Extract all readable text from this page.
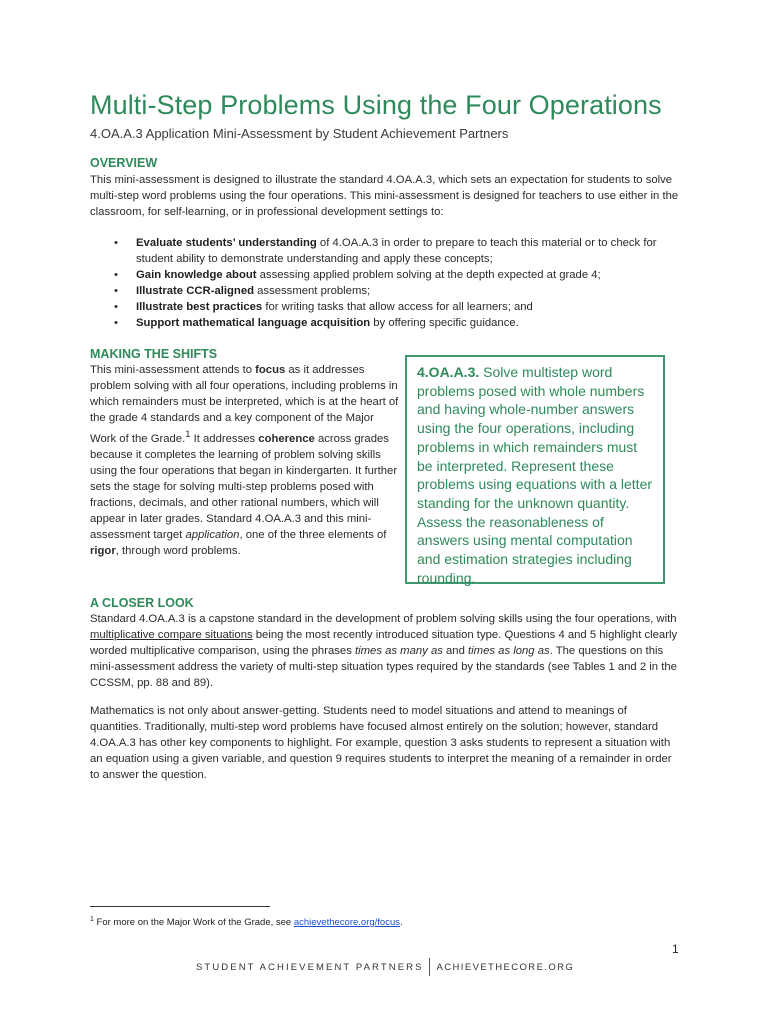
Multi-Step Problems Using the Four Operations

4.OA.A.3 Application Mini-Assessment by Student Achievement Partners

OVERVIEW

This mini-assessment is designed to illustrate the standard 4.OA.A.3, which sets an expectation for students to solve multi-step word problems using the four operations. This mini-assessment is designed for teachers to use either in the classroom, for self-learning, or in professional development settings to:

• Evaluate students’ understanding of 4.OA.A.3 in order to prepare to teach this material or to check for student ability to demonstrate understanding and apply these concepts;
• Gain knowledge about assessing applied problem solving at the depth expected at grade 4;
• Illustrate CCR-aligned assessment problems;
• Illustrate best practices for writing tasks that allow access for all learners; and
• Support mathematical language acquisition by offering specific guidance.
MAKING THE SHIFTS

This mini-assessment attends to focus as it addresses problem solving with all four operations, including problems in which remainders must be interpreted, which is at the heart of the grade 4 standards and a key component of the Major Work of the Grade.$^1$ It addresses coherence across grades because it completes the learning of problem solving skills using the four operations that began in kindergarten. It further sets the stage for solving multi-step problems posed with fractions, decimals, and other rational numbers, which will appear in later grades. Standard 4.OA.A.3 and this mini-assessment target application, one of the three elements of rigor, through word problems.

4.OA.A.3. Solve multistep word problems posed with whole numbers and having whole-number answers using the four operations, including problems in which remainders must be interpreted. Represent these problems using equations with a letter standing for the unknown quantity. Assess the reasonableness of answers using mental computation and estimation strategies including rounding.
A CLOSER LOOK

Standard 4.OA.A.3 is a capstone standard in the development of problem solving skills using the four operations, with multiplicative compare situations being the most recently introduced situation type. Questions 4 and 5 highlight clearly worded multiplicative comparison, using the phrases times as many as and times as long as. The questions on this mini-assessment address the variety of multi-step situation types required by the standards (see Tables 1 and 2 in the CCSSM, pp. 88 and 89).

Mathematics is not only about answer-getting. Students need to model situations and attend to meanings of quantities. Traditionally, multi-step word problems have focused almost entirely on the solution; however, standard 4.OA.A.3 has other key components to highlight. For example, question 3 asks students to represent a situation with an equation using a given variable, and question 9 requires students to interpret the meaning of a remainder in order to answer the question.

$^1$ For more on the Major Work of the Grade, see achievethecore.org/focus.

1
STUDENT ACHIEVEMENT PARTNERS ACHIEVETHECORE.ORG
